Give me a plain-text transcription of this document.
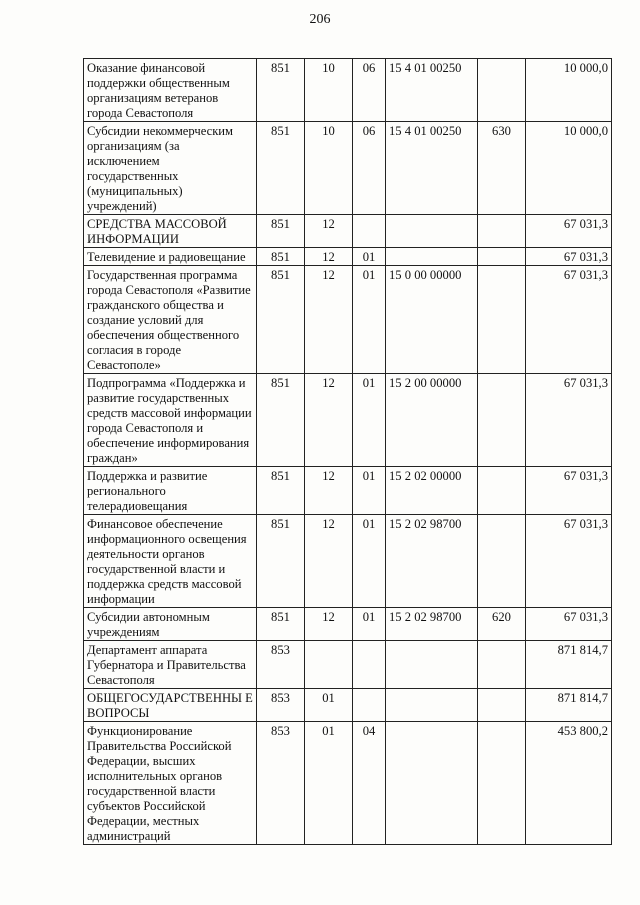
206
Оказание финансовой поддержки общественным организациям ветеранов города Севастополя	851	10	06	15 4 01 00250		10 000,0
Субсидии некоммерческим организациям (за исключением государственных (муниципальных) учреждений)	851	10	06	15 4 01 00250	630	10 000,0
СРЕДСТВА МАССОВОЙ ИНФОРМАЦИИ	851	12				67 031,3
Телевидение и радиовещание	851	12	01			67 031,3
Государственная программа города Севастополя «Развитие гражданского общества и создание условий для обеспечения общественного согласия в городе Севастополе»	851	12	01	15 0 00 00000		67 031,3
Подпрограмма «Поддержка и развитие государственных средств массовой информации города Севастополя и обеспечение информирования граждан»	851	12	01	15 2 00 00000		67 031,3
Поддержка и развитие регионального телерадиовещания	851	12	01	15 2 02 00000		67 031,3
Финансовое обеспечение информационного освещения деятельности органов государственной власти и поддержка средств массовой информации	851	12	01	15 2 02 98700		67 031,3
Субсидии автономным учреждениям	851	12	01	15 2 02 98700	620	67 031,3
Департамент аппарата Губернатора и Правительства Севастополя	853					871 814,7
ОБЩЕГОСУДАРСТВЕННЫ Е ВОПРОСЫ	853	01				871 814,7
Функционирование Правительства Российской Федерации, высших исполнительных органов государственной власти субъектов Российской Федерации, местных администраций	853	01	04			453 800,2
